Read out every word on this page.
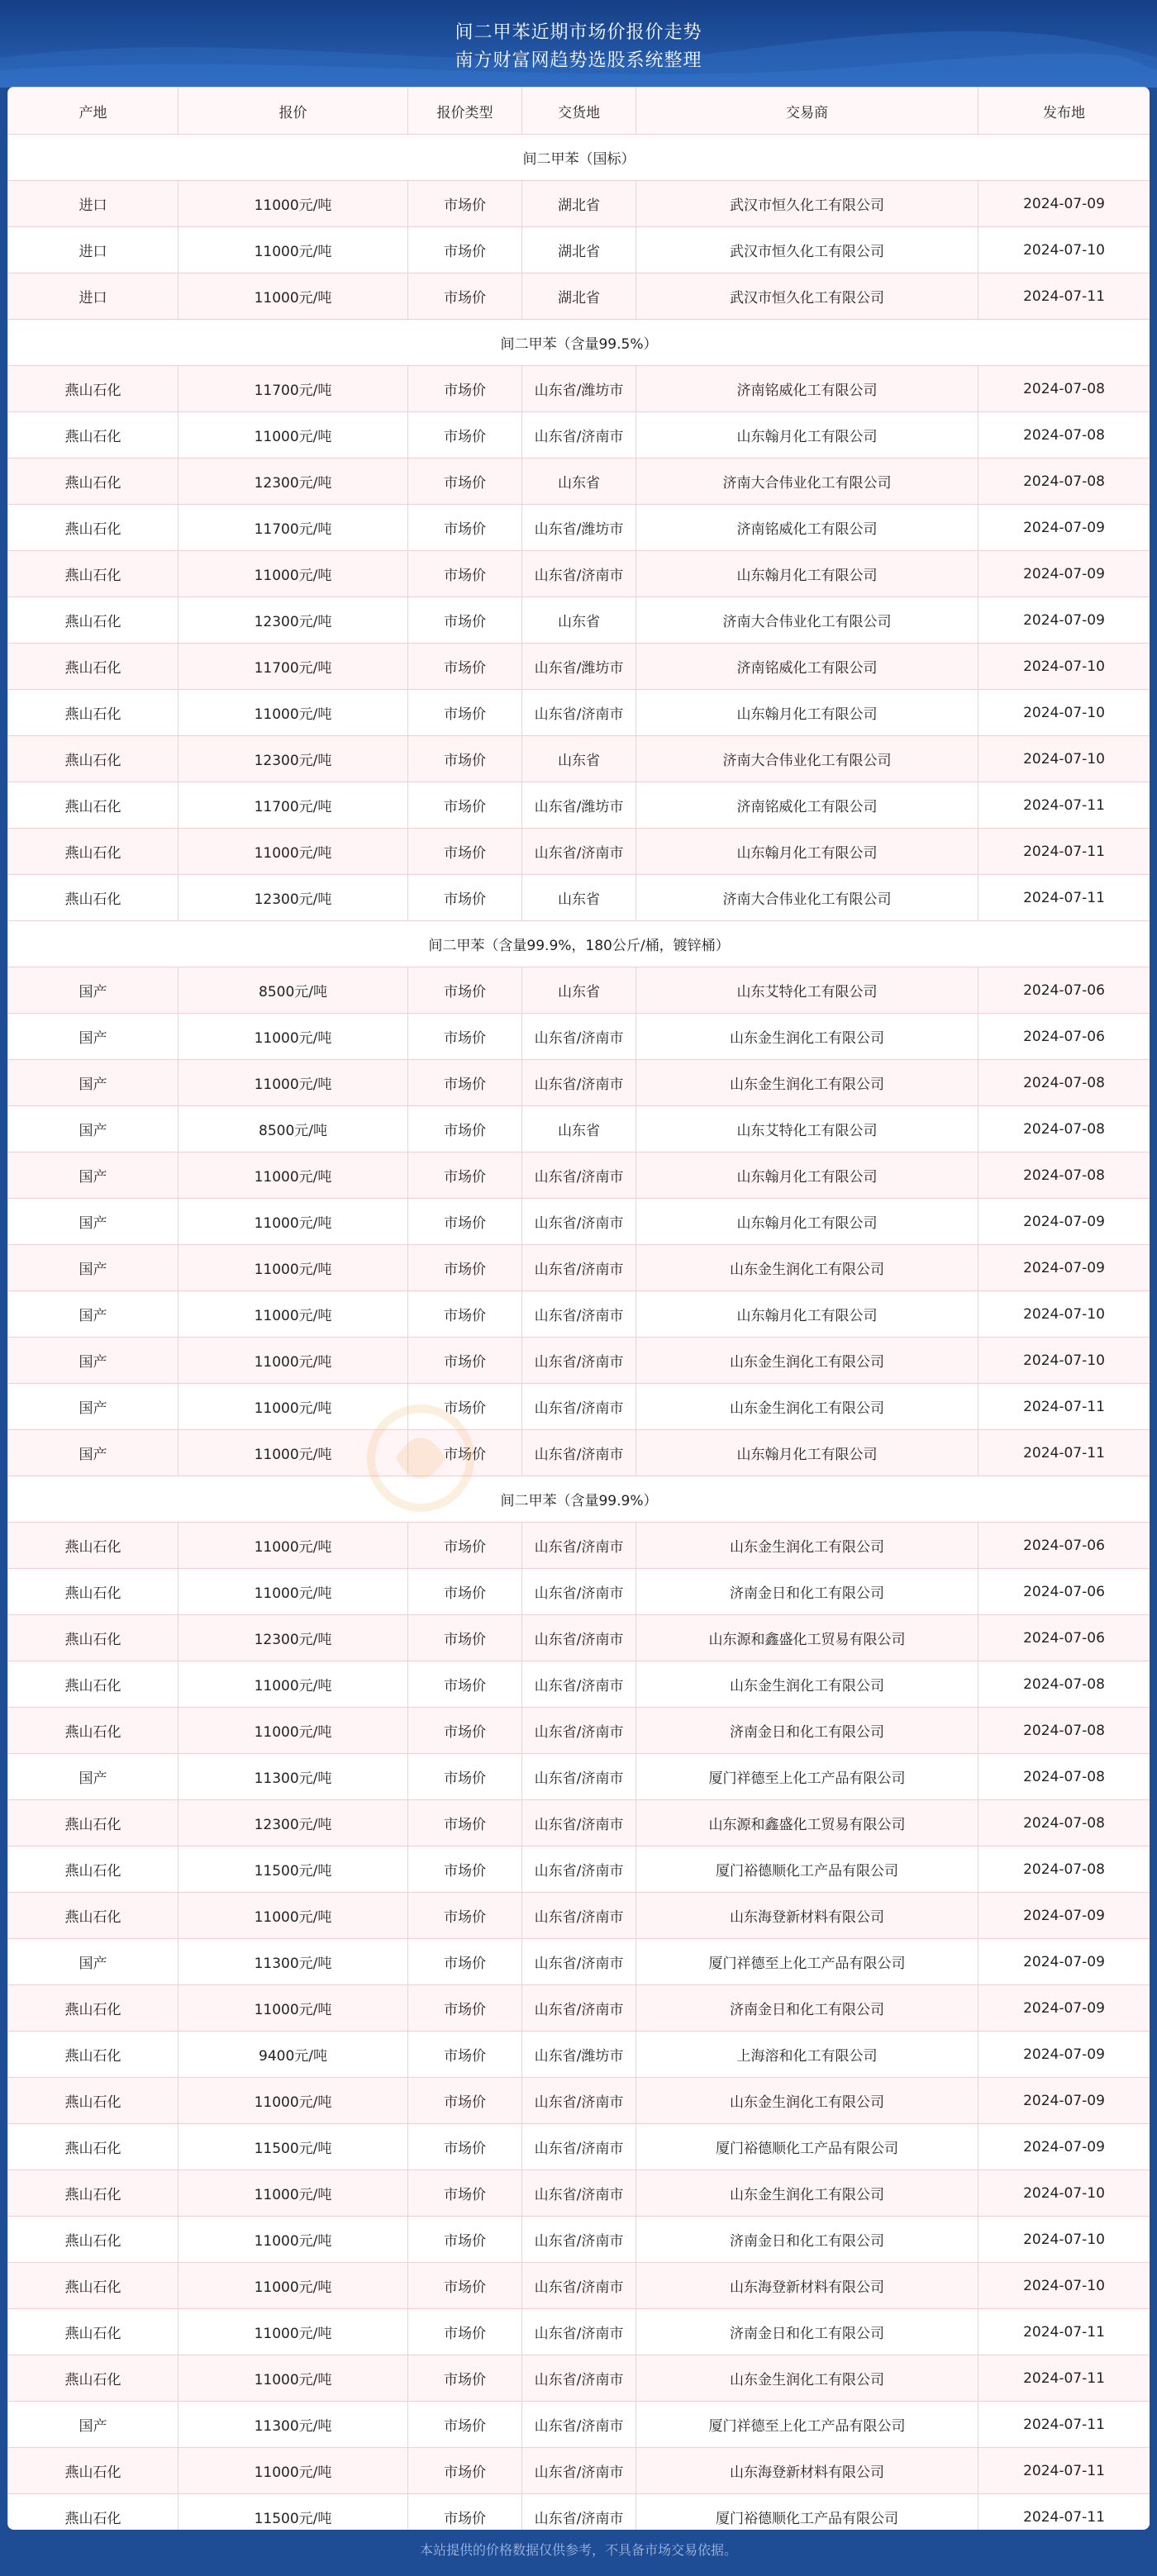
间二甲苯近期市场价报价走势
南方财富网趋势选股系统整理
产地	报价	报价类型	交货地	交易商	发布地
间二甲苯（国标）					
进口	11000元/吨	市场价	湖北省	武汉市恒久化工有限公司	2024-07-09
进口	11000元/吨	市场价	湖北省	武汉市恒久化工有限公司	2024-07-10
进口	11000元/吨	市场价	湖北省	武汉市恒久化工有限公司	2024-07-11
间二甲苯（含量99.5%）					
燕山石化	11700元/吨	市场价	山东省/潍坊市	济南铭威化工有限公司	2024-07-08
燕山石化	11000元/吨	市场价	山东省/济南市	山东翰月化工有限公司	2024-07-08
燕山石化	12300元/吨	市场价	山东省	济南大合伟业化工有限公司	2024-07-08
燕山石化	11700元/吨	市场价	山东省/潍坊市	济南铭威化工有限公司	2024-07-09
燕山石化	11000元/吨	市场价	山东省/济南市	山东翰月化工有限公司	2024-07-09
燕山石化	12300元/吨	市场价	山东省	济南大合伟业化工有限公司	2024-07-09
燕山石化	11700元/吨	市场价	山东省/潍坊市	济南铭威化工有限公司	2024-07-10
燕山石化	11000元/吨	市场价	山东省/济南市	山东翰月化工有限公司	2024-07-10
燕山石化	12300元/吨	市场价	山东省	济南大合伟业化工有限公司	2024-07-10
燕山石化	11700元/吨	市场价	山东省/潍坊市	济南铭威化工有限公司	2024-07-11
燕山石化	11000元/吨	市场价	山东省/济南市	山东翰月化工有限公司	2024-07-11
燕山石化	12300元/吨	市场价	山东省	济南大合伟业化工有限公司	2024-07-11
间二甲苯（含量99.9%，180公斤/桶，镀锌桶）					
国产	8500元/吨	市场价	山东省	山东艾特化工有限公司	2024-07-06
国产	11000元/吨	市场价	山东省/济南市	山东金生润化工有限公司	2024-07-06
国产	11000元/吨	市场价	山东省/济南市	山东金生润化工有限公司	2024-07-08
国产	8500元/吨	市场价	山东省	山东艾特化工有限公司	2024-07-08
国产	11000元/吨	市场价	山东省/济南市	山东翰月化工有限公司	2024-07-08
国产	11000元/吨	市场价	山东省/济南市	山东翰月化工有限公司	2024-07-09
国产	11000元/吨	市场价	山东省/济南市	山东金生润化工有限公司	2024-07-09
国产	11000元/吨	市场价	山东省/济南市	山东翰月化工有限公司	2024-07-10
国产	11000元/吨	市场价	山东省/济南市	山东金生润化工有限公司	2024-07-10
国产	11000元/吨	市场价	山东省/济南市	山东金生润化工有限公司	2024-07-11
国产	11000元/吨	市场价	山东省/济南市	山东翰月化工有限公司	2024-07-11
间二甲苯（含量99.9%）					
燕山石化	11000元/吨	市场价	山东省/济南市	山东金生润化工有限公司	2024-07-06
燕山石化	11000元/吨	市场价	山东省/济南市	济南金日和化工有限公司	2024-07-06
燕山石化	12300元/吨	市场价	山东省/济南市	山东源和鑫盛化工贸易有限公司	2024-07-06
燕山石化	11000元/吨	市场价	山东省/济南市	山东金生润化工有限公司	2024-07-08
燕山石化	11000元/吨	市场价	山东省/济南市	济南金日和化工有限公司	2024-07-08
国产	11300元/吨	市场价	山东省/济南市	厦门祥德至上化工产品有限公司	2024-07-08
燕山石化	12300元/吨	市场价	山东省/济南市	山东源和鑫盛化工贸易有限公司	2024-07-08
燕山石化	11500元/吨	市场价	山东省/济南市	厦门裕德顺化工产品有限公司	2024-07-08
燕山石化	11000元/吨	市场价	山东省/济南市	山东海登新材料有限公司	2024-07-09
国产	11300元/吨	市场价	山东省/济南市	厦门祥德至上化工产品有限公司	2024-07-09
燕山石化	11000元/吨	市场价	山东省/济南市	济南金日和化工有限公司	2024-07-09
燕山石化	9400元/吨	市场价	山东省/潍坊市	上海溶和化工有限公司	2024-07-09
燕山石化	11000元/吨	市场价	山东省/济南市	山东金生润化工有限公司	2024-07-09
燕山石化	11500元/吨	市场价	山东省/济南市	厦门裕德顺化工产品有限公司	2024-07-09
燕山石化	11000元/吨	市场价	山东省/济南市	山东金生润化工有限公司	2024-07-10
燕山石化	11000元/吨	市场价	山东省/济南市	济南金日和化工有限公司	2024-07-10
燕山石化	11000元/吨	市场价	山东省/济南市	山东海登新材料有限公司	2024-07-10
燕山石化	11000元/吨	市场价	山东省/济南市	济南金日和化工有限公司	2024-07-11
燕山石化	11000元/吨	市场价	山东省/济南市	山东金生润化工有限公司	2024-07-11
国产	11300元/吨	市场价	山东省/济南市	厦门祥德至上化工产品有限公司	2024-07-11
燕山石化	11000元/吨	市场价	山东省/济南市	山东海登新材料有限公司	2024-07-11
燕山石化	11500元/吨	市场价	山东省/济南市	厦门裕德顺化工产品有限公司	2024-07-11
本站提供的价格数据仅供参考，不具备市场交易依据。
